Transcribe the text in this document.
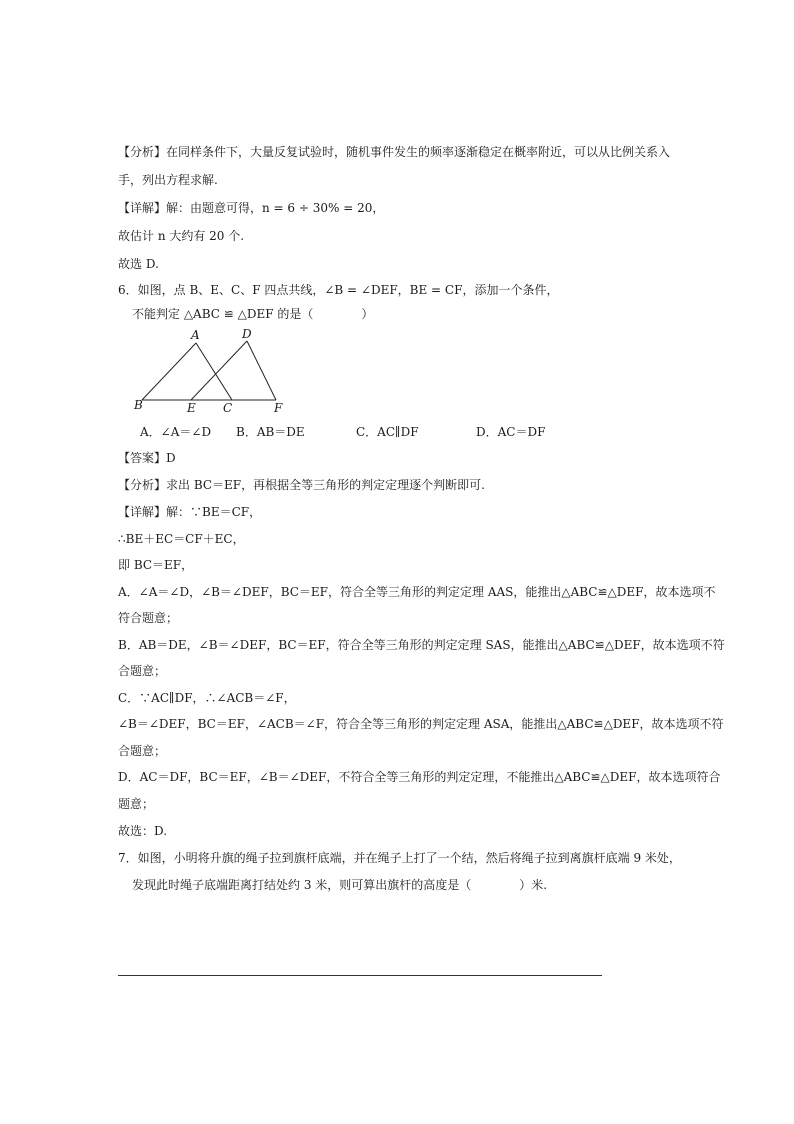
【分析】在同样条件下，大量反复试验时，随机事件发生的频率逐渐稳定在概率附近，可以从比例关系入
手，列出方程求解.
【详解】解：由题意可得，n = 6 ÷ 30% = 20，
故估计 n 大约有 20 个.
故选 D.
6．如图，点 B、E、C、F 四点共线，∠B = ∠DEF，BE = CF，添加一个条件，
不能判定 △ABC ≌ △DEF 的是（　　　　）
A	D
B	E C	F
A．∠A＝∠D B．AB＝DE	C．AC∥DF	D．AC＝DF
【答案】D
【分析】求出 BC＝EF，再根据全等三角形的判定定理逐个判断即可.
【详解】解：∵BE＝CF，
∴BE＋EC＝CF＋EC，
即 BC＝EF，
A．∠A＝∠D，∠B＝∠DEF，BC＝EF，符合全等三角形的判定定理 AAS，能推出△ABC≌△DEF，故本选项不
符合题意；
B．AB＝DE，∠B＝∠DEF，BC＝EF，符合全等三角形的判定定理 SAS，能推出△ABC≌△DEF，故本选项不符
合题意；
C．∵AC∥DF，∴∠ACB＝∠F，
∠B＝∠DEF，BC＝EF，∠ACB＝∠F，符合全等三角形的判定定理 ASA，能推出△ABC≌△DEF，故本选项不符
合题意；
D．AC＝DF，BC＝EF，∠B＝∠DEF，不符合全等三角形的判定定理，不能推出△ABC≌△DEF，故本选项符合
题意；
故选：D.
7．如图，小明将升旗的绳子拉到旗杆底端，并在绳子上打了一个结，然后将绳子拉到离旗杆底端 9 米处，
发现此时绳子底端距离打结处约 3 米，则可算出旗杆的高度是（　　　　）米.
